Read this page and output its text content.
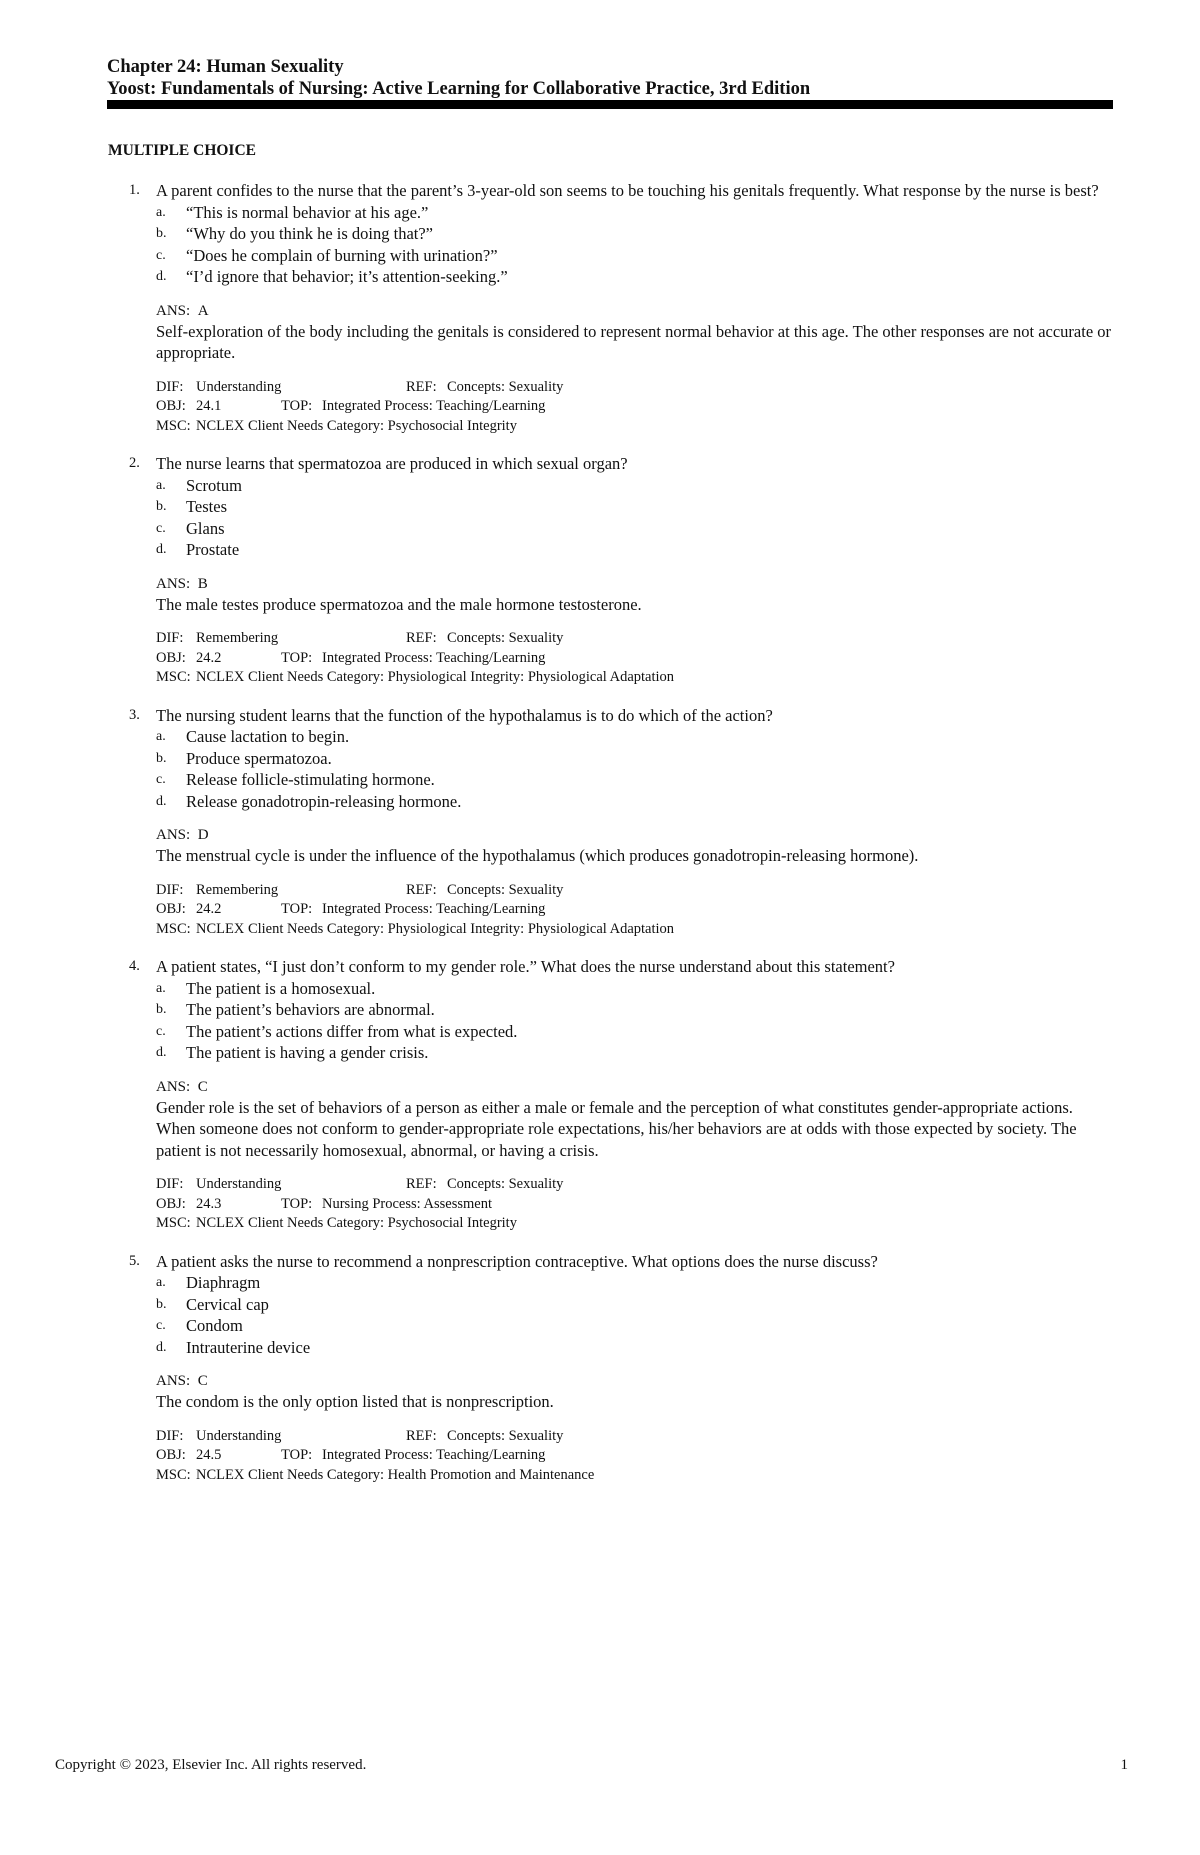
Chapter 24: Human Sexuality
Yoost: Fundamentals of Nursing: Active Learning for Collaborative Practice, 3rd Edition
MULTIPLE CHOICE
1. A parent confides to the nurse that the parent’s 3-year-old son seems to be touching his genitals frequently. What response by the nurse is best?

a. “This is normal behavior at his age.”
b. “Why do you think he is doing that?”
c. “Does he complain of burning with urination?”
d. “I’d ignore that behavior; it’s attention-seeking.”
ANS: A

Self-exploration of the body including the genitals is considered to represent normal behavior at this age. The other responses are not accurate or appropriate.

DIF: Understanding	REF: Concepts: Sexuality
OBJ: 24.1	TOP: Integrated Process: Teaching/Learning
MSC: NCLEX Client Needs Category: Psychosocial Integrity
2. The nurse learns that spermatozoa are produced in which sexual organ?

a. Scrotum
b. Testes
c. Glans
d. Prostate
ANS: B

The male testes produce spermatozoa and the male hormone testosterone.

DIF: Remembering	REF: Concepts: Sexuality
OBJ: 24.2	TOP: Integrated Process: Teaching/Learning
MSC: NCLEX Client Needs Category: Physiological Integrity: Physiological Adaptation
3. The nursing student learns that the function of the hypothalamus is to do which of the action?

a. Cause lactation to begin.
b. Produce spermatozoa.
c. Release follicle-stimulating hormone.
d. Release gonadotropin-releasing hormone.
ANS: D

The menstrual cycle is under the influence of the hypothalamus (which produces gonadotropin-releasing hormone).

DIF: Remembering	REF: Concepts: Sexuality
OBJ: 24.2	TOP: Integrated Process: Teaching/Learning
MSC: NCLEX Client Needs Category: Physiological Integrity: Physiological Adaptation
4. A patient states, “I just don’t conform to my gender role.” What does the nurse understand about this statement?

a. The patient is a homosexual.
b. The patient’s behaviors are abnormal.
c. The patient’s actions differ from what is expected.
d. The patient is having a gender crisis.
ANS: C

Gender role is the set of behaviors of a person as either a male or female and the perception of what constitutes gender-appropriate actions. When someone does not conform to gender-appropriate role expectations, his/her behaviors are at odds with those expected by society. The patient is not necessarily homosexual, abnormal, or having a crisis.

DIF: Understanding	REF: Concepts: Sexuality
OBJ: 24.3	TOP: Nursing Process: Assessment
MSC: NCLEX Client Needs Category: Psychosocial Integrity
5. A patient asks the nurse to recommend a nonprescription contraceptive. What options does the nurse discuss?

a. Diaphragm
b. Cervical cap
c. Condom
d. Intrauterine device
ANS: C

The condom is the only option listed that is nonprescription.

DIF: Understanding	REF: Concepts: Sexuality
OBJ: 24.5	TOP: Integrated Process: Teaching/Learning
MSC: NCLEX Client Needs Category: Health Promotion and Maintenance
Copyright © 2023, Elsevier Inc. All rights reserved.	1
